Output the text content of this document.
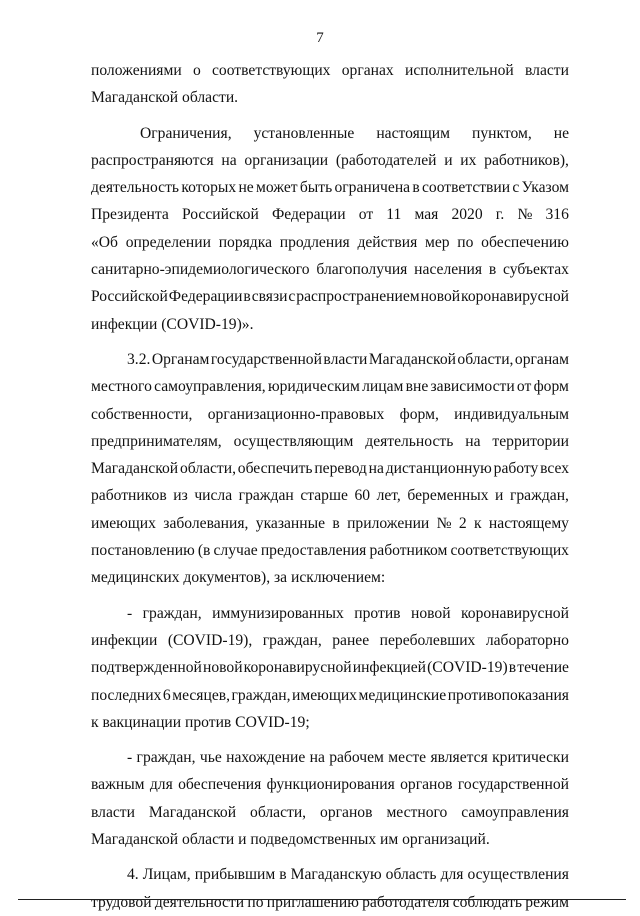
7
положениями о соответствующих органах исполнительной власти
Магаданской области.
Ограничения, установленные настоящим пунктом, не
распространяются на организации (работодателей и их работников),
деятельность которых не может быть ограничена в соответствии с Указом
Президента Российской Федерации от 11 мая 2020 г. № 316
«Об определении порядка продления действия мер по обеспечению
санитарно-эпидемиологического благополучия населения в субъектах
Российской Федерации в связи с распространением новой коронавирусной
инфекции (COVID-19)».
3.2. Органам государственной власти Магаданской области, органам
местного самоуправления, юридическим лицам вне зависимости от форм
собственности, организационно-правовых форм, индивидуальным
предпринимателям, осуществляющим деятельность на территории
Магаданской области, обеспечить перевод на дистанционную работу всех
работников из числа граждан старше 60 лет, беременных и граждан,
имеющих заболевания, указанные в приложении № 2 к настоящему
постановлению (в случае предоставления работником соответствующих
медицинских документов), за исключением:
- граждан, иммунизированных против новой коронавирусной
инфекции (COVID-19), граждан, ранее переболевших лабораторно
подтвержденной новой коронавирусной инфекцией (COVID-19) в течение
последних 6 месяцев, граждан, имеющих медицинские противопоказания
к вакцинации против COVID-19;
- граждан, чье нахождение на рабочем месте является критически
важным для обеспечения функционирования органов государственной
власти Магаданской области, органов местного самоуправления
Магаданской области и подведомственных им организаций.
4. Лицам, прибывшим в Магаданскую область для осуществления
трудовой деятельности по приглашению работодателя соблюдать режим
